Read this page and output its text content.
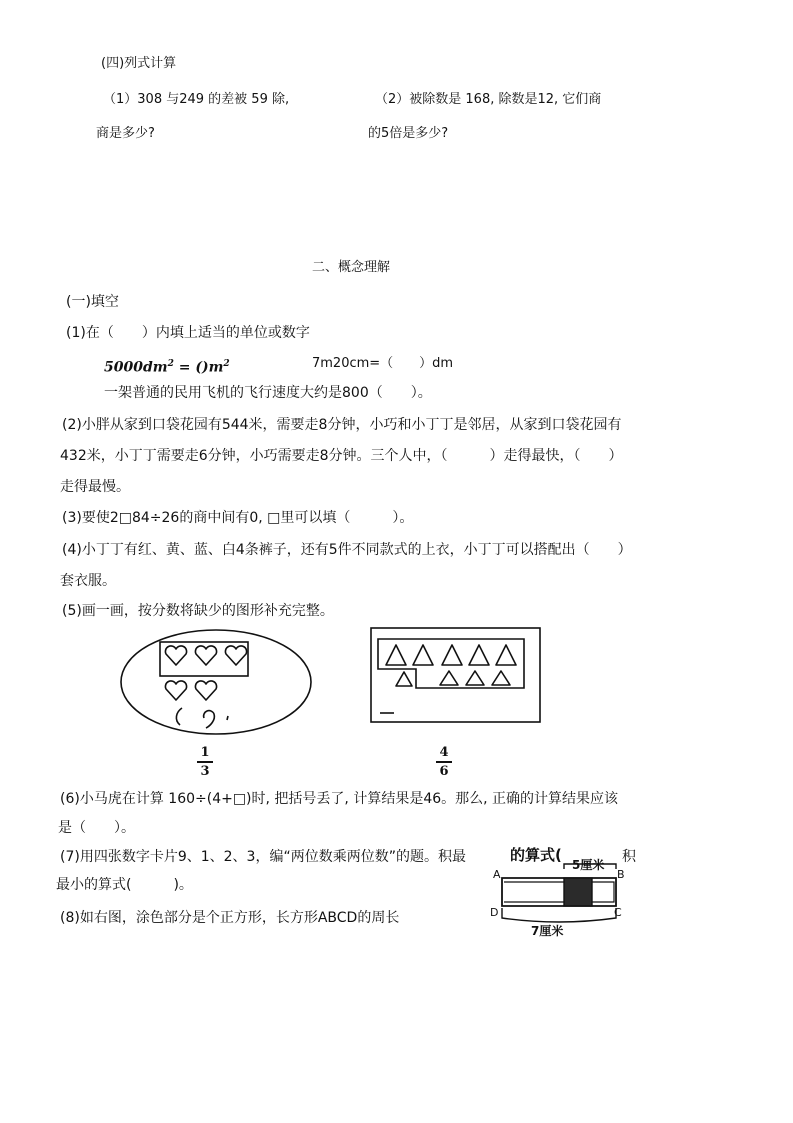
(四)列式计算
（1）308 与249 的差被 59 除,
商是多少?
（2）被除数是 168, 除数是12, 它们商
的5倍是多少?
二、概念理解
(一)填空
(1)在（　　）内填上适当的单位或数字
$5000dm^2 = ()m^2$	7m20cm=（　　）dm
一架普通的民用飞机的飞行速度大约是800（　　）。
(2)小胖从家到口袋花园有544米，需要走8分钟，小巧和小丁丁是邻居，从家到口袋花园有
432米，小丁丁需要走6分钟，小巧需要走8分钟。三个人中，（　　　）走得最快，（　　）
走得最慢。
(3)要使2□84÷26的商中间有0, □里可以填（　　　）。
(4)小丁丁有红、黄、蓝、白4条裤子，还有5件不同款式的上衣，小丁丁可以搭配出（　　）
套衣服。
(5)画一画，按分数将缺少的图形补充完整。
1
3
4
6
(6)小马虎在计算 160÷(4+□)时, 把括号丢了, 计算结果是46。那么, 正确的计算结果应该
是（　　）。
(7)用四张数字卡片9、1、2、3，编“两位数乘两位数”的题。积最	的算式(	积
最小的算式(　　　)。
(8)如右图，涂色部分是个正方形，长方形ABCD的周长
5厘米
7厘米
A	B
C
D
